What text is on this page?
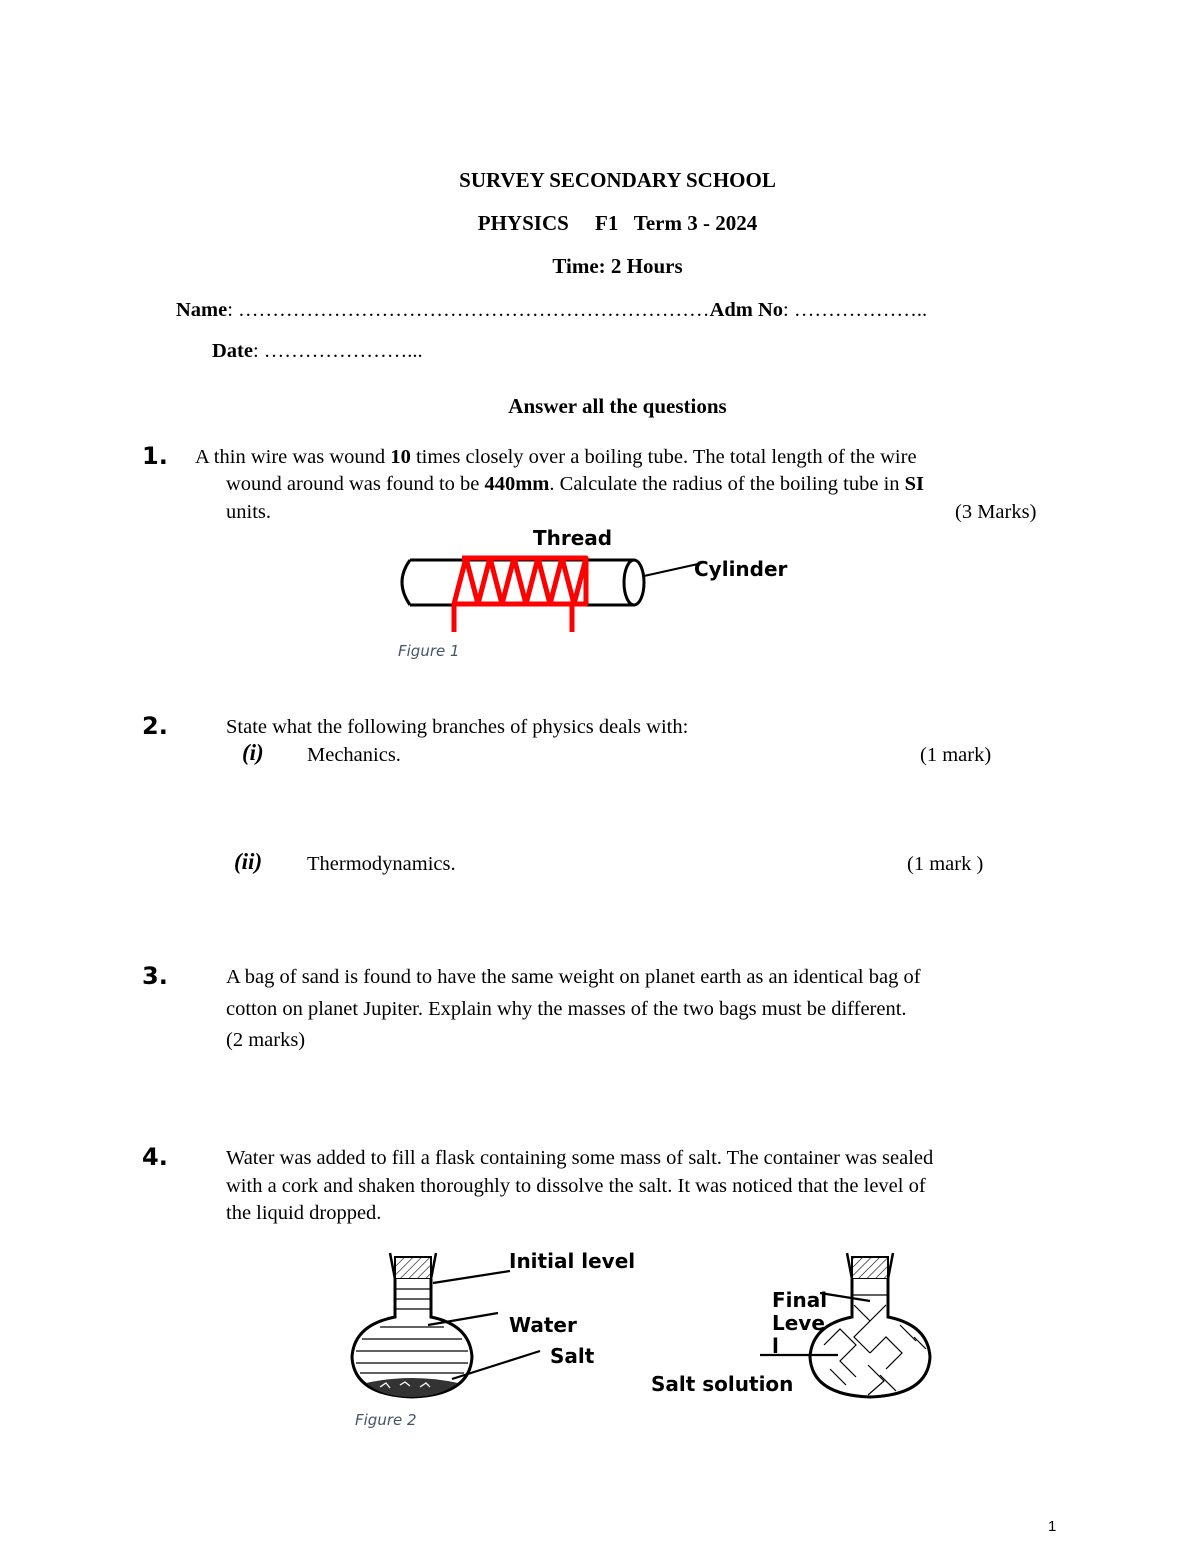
SURVEY SECONDARY SCHOOL
PHYSICS F1 Term 3 - 2024
Time: 2 Hours
Name: ……………………………………………………………Adm No: ………………..
Date: …………………...
Answer all the questions
1. A thin wire was wound 10 times closely over a boiling tube. The total length of the wire
wound around was found to be 440mm. Calculate the radius of the boiling tube in SI
units.	(3 Marks)
Thread
Cylinder
Figure 1
2.	State what the following branches of physics deals with:
(i) Mechanics.	(1 mark)
(ii) Thermodynamics.	(1 mark )
3.	A bag of sand is found to have the same weight on planet earth as an identical bag of
cotton on planet Jupiter. Explain why the masses of the two bags must be different.
(2 marks)
4.	Water was added to fill a flask containing some mass of salt. The container was sealed
with a cork and shaken thoroughly to dissolve the salt. It was noticed that the level of
the liquid dropped.
Initial level
Water
Salt
Final
Leve
l
Salt solution
Figure 2
1
